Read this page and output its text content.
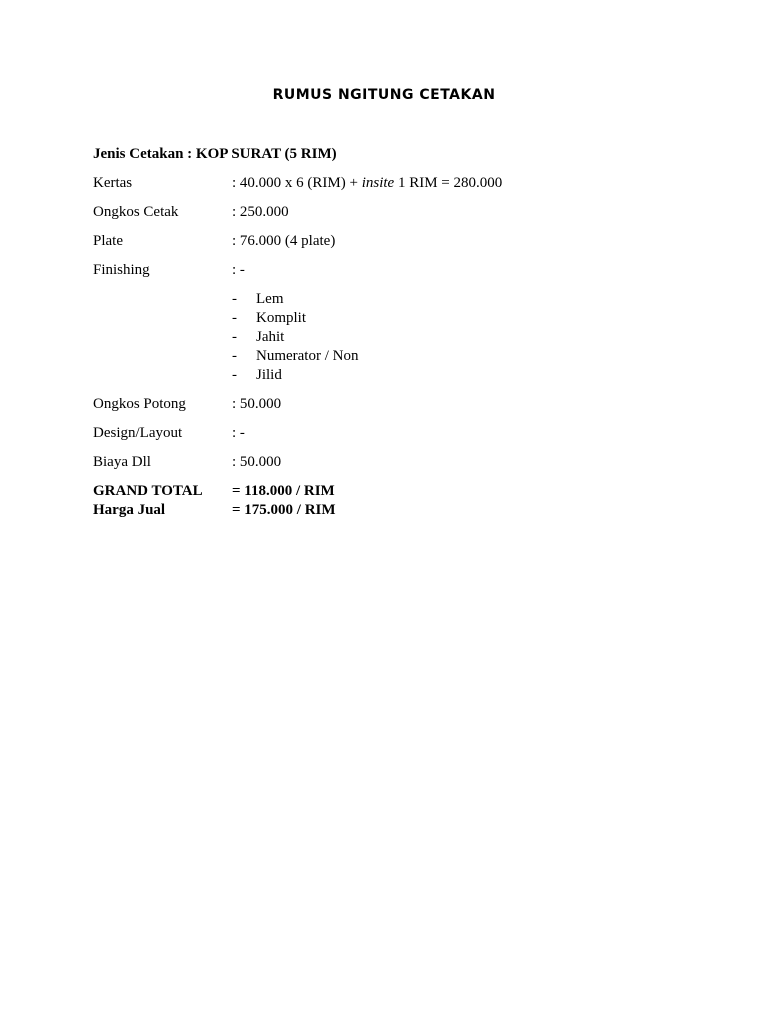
RUMUS NGITUNG CETAKAN
Jenis Cetakan : KOP SURAT (5 RIM)
Kertas	: 40.000 x 6 (RIM) + insite 1 RIM = 280.000
Ongkos Cetak	: 250.000
Plate	: 76.000 (4 plate)
Finishing	: -
-	Lem
-	Komplit
-	Jahit
-	Numerator / Non
-	Jilid
Ongkos Potong	: 50.000
Design/Layout	: -
Biaya Dll	: 50.000
GRAND TOTAL	= 118.000 / RIM
Harga Jual	= 175.000 / RIM
